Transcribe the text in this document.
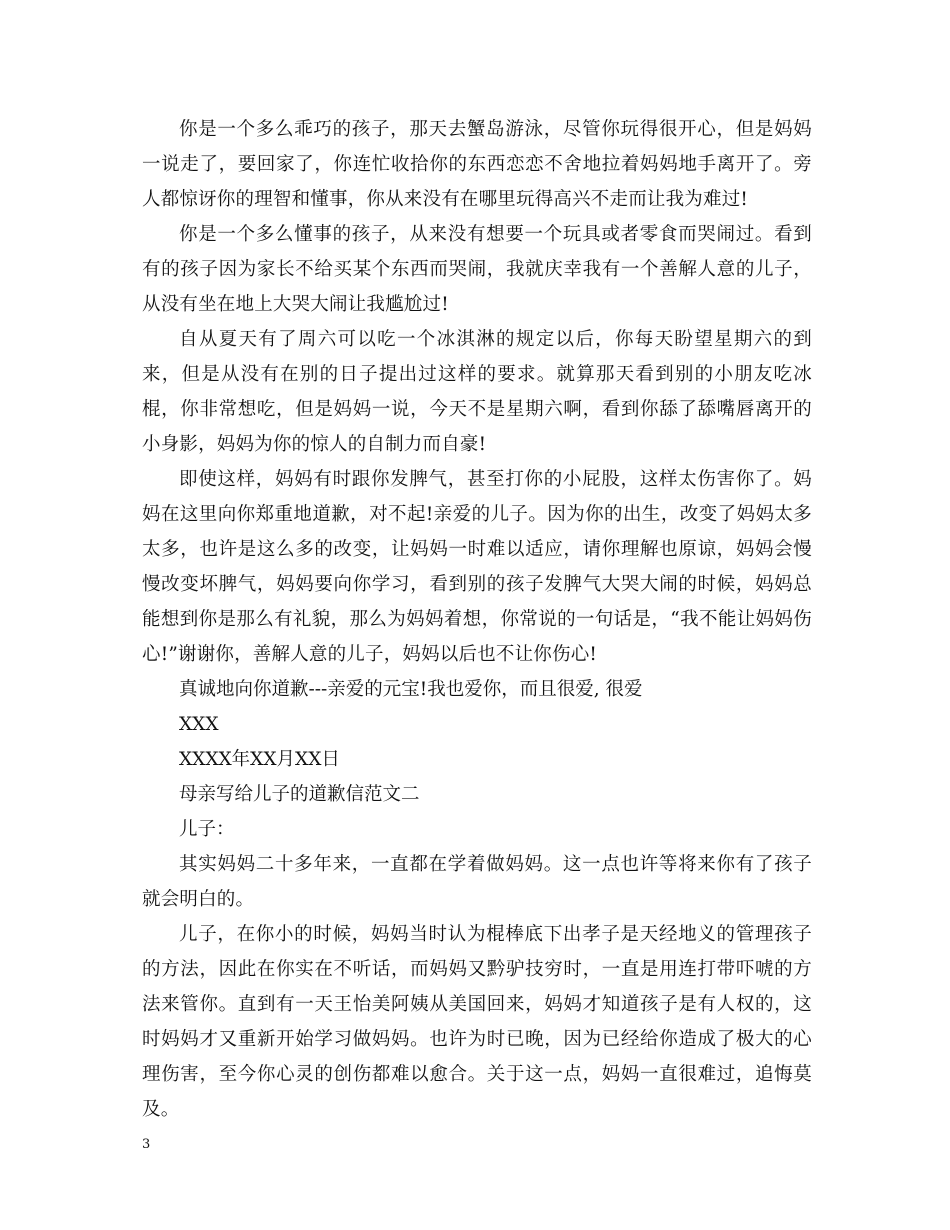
你是一个多么乖巧的孩子，那天去蟹岛游泳，尽管你玩得很开心，但是妈妈一说走了，要回家了，你连忙收拾你的东西恋恋不舍地拉着妈妈地手离开了。旁人都惊讶你的理智和懂事，你从来没有在哪里玩得高兴不走而让我为难过!

你是一个多么懂事的孩子，从来没有想要一个玩具或者零食而哭闹过。看到有的孩子因为家长不给买某个东西而哭闹，我就庆幸我有一个善解人意的儿子，从没有坐在地上大哭大闹让我尴尬过!

自从夏天有了周六可以吃一个冰淇淋的规定以后，你每天盼望星期六的到来，但是从没有在别的日子提出过这样的要求。就算那天看到别的小朋友吃冰棍，你非常想吃，但是妈妈一说，今天不是星期六啊，看到你舔了舔嘴唇离开的小身影，妈妈为你的惊人的自制力而自豪!

即使这样，妈妈有时跟你发脾气，甚至打你的小屁股，这样太伤害你了。妈妈在这里向你郑重地道歉，对不起!亲爱的儿子。因为你的出生，改变了妈妈太多太多，也许是这么多的改变，让妈妈一时难以适应，请你理解也原谅，妈妈会慢慢改变坏脾气，妈妈要向你学习，看到别的孩子发脾气大哭大闹的时候，妈妈总能想到你是那么有礼貌，那么为妈妈着想，你常说的一句话是，“我不能让妈妈伤心!”谢谢你，善解人意的儿子，妈妈以后也不让你伤心!

真诚地向你道歉---亲爱的元宝!我也爱你，而且很爱, 很爱

XXX

XXXX年XX月XX日

母亲写给儿子的道歉信范文二

儿子：

其实妈妈二十多年来，一直都在学着做妈妈。这一点也许等将来你有了孩子就会明白的。

儿子，在你小的时候，妈妈当时认为棍棒底下出孝子是天经地义的管理孩子的方法，因此在你实在不听话，而妈妈又黔驴技穷时，一直是用连打带吓唬的方法来管你。直到有一天王怡美阿姨从美国回来，妈妈才知道孩子是有人权的，这时妈妈才又重新开始学习做妈妈。也许为时已晚，因为已经给你造成了极大的心理伤害，至今你心灵的创伤都难以愈合。关于这一点，妈妈一直很难过，追悔莫及。

3
